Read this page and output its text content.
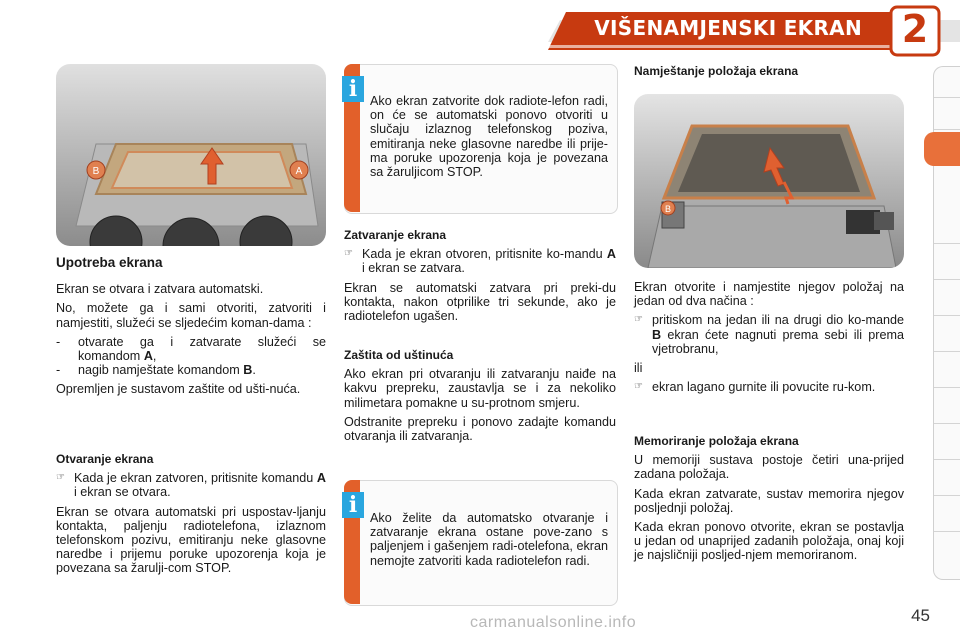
VIŠENAMJENSKI EKRAN 2
B	A

Upotreba ekrana

Ekran se otvara i zatvara automatski.

No, možete ga i sami otvoriti, zatvoriti i namjestiti, služeći se sljedećim koman-dama :

-	otvarate ga i zatvarate služeći se komandom A,
-	nagib namještate komandom B.

Opremljen je sustavom zaštite od ušti-nuća.

Otvaranje ekrana

☞ Kada je ekran zatvoren, pritisnite komandu A i ekran se otvara.

Ekran se otvara automatski pri uspostav-ljanju kontakta, paljenju radiotelefona, izlaznom telefonskom pozivu, emitiranju neke glasovne naredbe i prijemu poruke upozorenja koja je povezana sa žarulji-com STOP.

i	Ako ekran zatvorite dok radiote-lefon radi, on će se automatski ponovo otvoriti u slučaju izlaznog telefonskog poziva, emitiranja neke glasovne naredbe ili prije-ma poruke upozorenja koja je povezana sa žaruljicom STOP.

Zatvaranje ekrana

☞ Kada je ekran otvoren, pritisnite ko-mandu A i ekran se zatvara.

Ekran se automatski zatvara pri preki-du kontakta, nakon otprilike tri sekunde, ako je radiotelefon ugašen.

Zaštita od uštinuća

Ako ekran pri otvaranju ili zatvaranju naiđe na kakvu prepreku, zaustavlja se i za nekoliko milimetara pomakne u su-protnom smjeru.

Odstranite prepreku i ponovo zadajte komandu otvaranja ili zatvaranja.

i	Ako želite da automatsko otvaranje i zatvaranje ekrana ostane pove-zano s paljenjem i gašenjem radi-otelefona, ekran nemojte zatvoriti kada radiotelefon radi.

Namještanje položaja ekrana

B

Ekran otvorite i namjestite njegov položaj na jedan od dva načina :

☞ pritiskom na jedan ili na drugi dio ko-mande B ekran ćete nagnuti prema sebi ili prema vjetrobranu,

ili

☞ ekran lagano gurnite ili povucite ru-kom.

Memoriranje položaja ekrana

U memoriji sustava postoje četiri una-prijed zadana položaja.

Kada ekran zatvarate, sustav memorira njegov posljednji položaj.

Kada ekran ponovo otvorite, ekran se postavlja u jedan od unaprijed zadanih položaja, onaj koji je najsličniji posljed-njem memoriranom.

45
carmanualsonline.info
